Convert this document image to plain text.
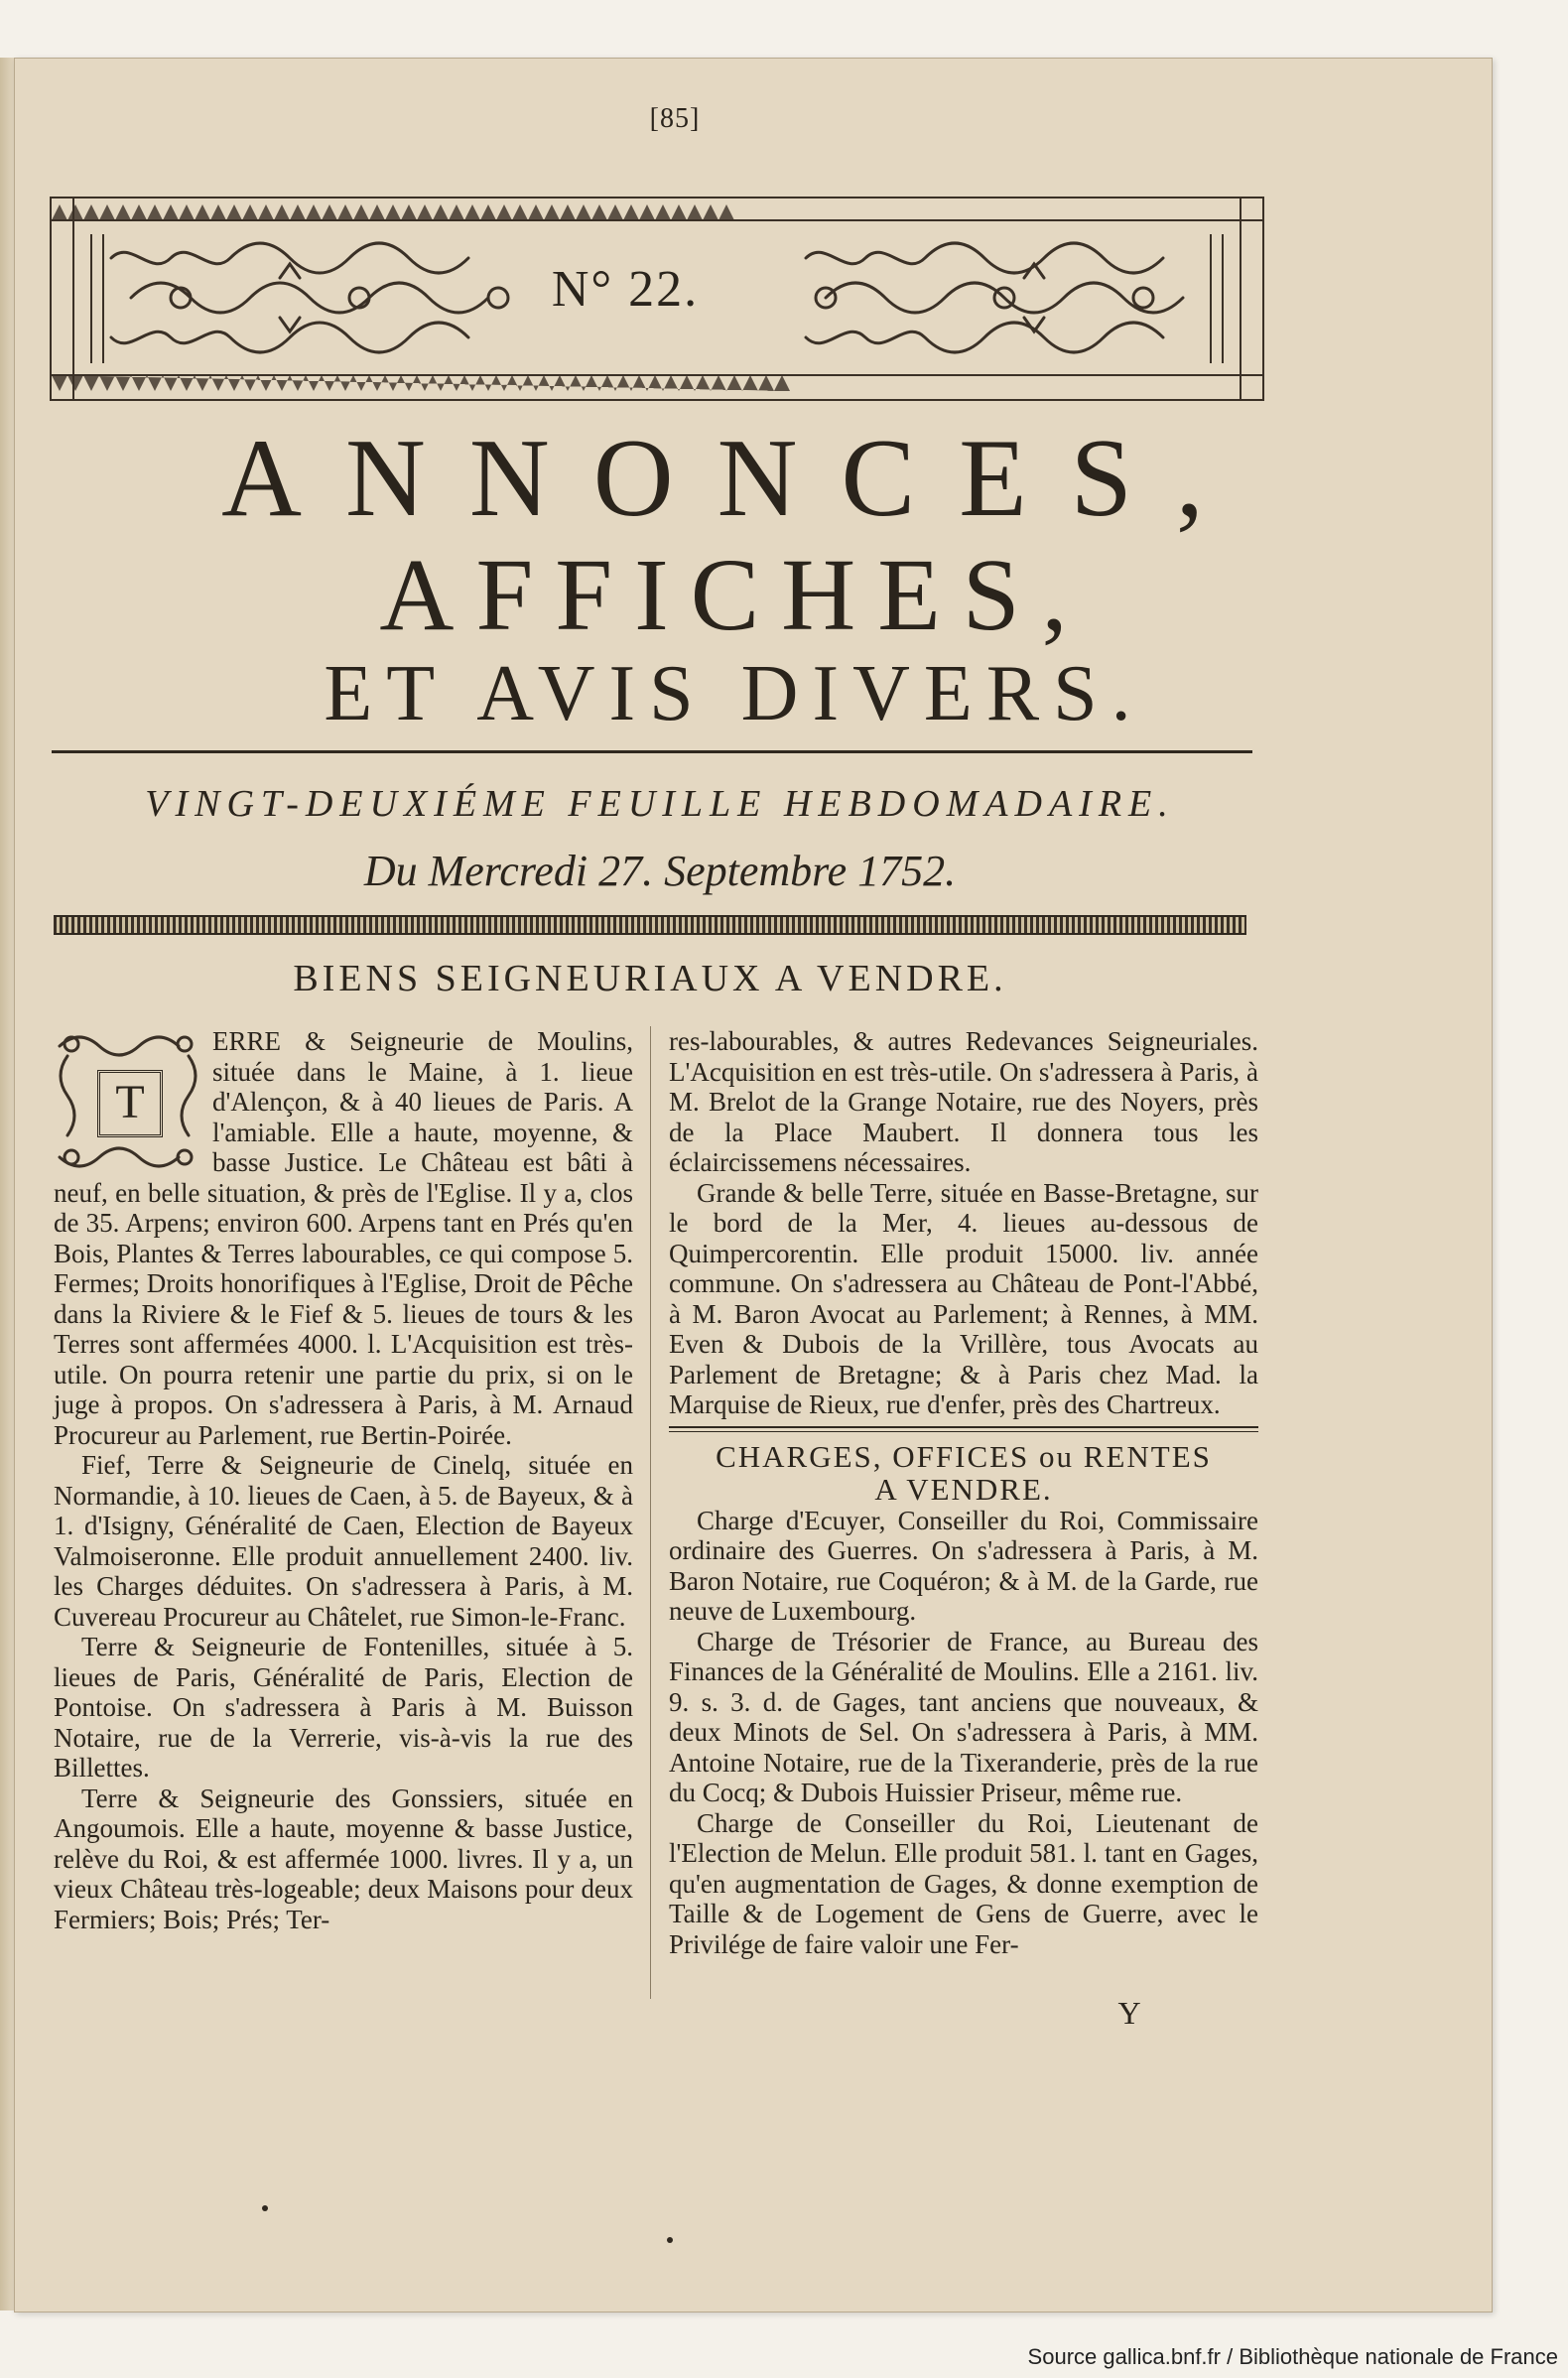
[85]
N° 22.
ANNONCES,
AFFICHES,
ET AVIS DIVERS.
VINGT-DEUXIÉME FEUILLE HEBDOMADAIRE.
Du Mercredi 27. Septembre 1752.
BIENS SEIGNEURIAUX A VENDRE.
T

ERRE & Seigneurie de Moulins, située dans le Maine, à 1. lieue d'Alençon, & à 40 lieues de Paris. A l'amiable. Elle a haute, moyenne, & basse Justice. Le Château est bâti à neuf, en belle situation, & près de l'Eglise. Il y a, clos de 35. Arpens; environ 600. Arpens tant en Prés qu'en Bois, Plantes & Terres labourables, ce qui compose 5. Fermes; Droits honorifiques à l'Eglise, Droit de Pêche dans la Riviere & le Fief & 5. lieues de tours & les Terres sont affermées 4000. l. L'Acquisition est très-utile. On pourra retenir une partie du prix, si on le juge à propos. On s'adressera à Paris, à M. Arnaud Procureur au Parlement, rue Bertin-Poirée.

Fief, Terre & Seigneurie de Cinelq, située en Normandie, à 10. lieues de Caen, à 5. de Bayeux, & à 1. d'Isigny, Généralité de Caen, Election de Bayeux Valmoiseronne. Elle produit annuellement 2400. liv. les Charges déduites. On s'adressera à Paris, à M. Cuvereau Procureur au Châtelet, rue Simon-le-Franc.

Terre & Seigneurie de Fontenilles, située à 5. lieues de Paris, Généralité de Paris, Election de Pontoise. On s'adressera à Paris à M. Buisson Notaire, rue de la Verrerie, vis-à-vis la rue des Billettes.

Terre & Seigneurie des Gonssiers, située en Angoumois. Elle a haute, moyenne & basse Justice, relève du Roi, & est affermée 1000. livres. Il y a, un vieux Château très-logeable; deux Maisons pour deux Fermiers; Bois; Prés; Ter-

res-labourables, & autres Redevances Seigneuriales. L'Acquisition en est très-utile. On s'adressera à Paris, à M. Brelot de la Grange Notaire, rue des Noyers, près de la Place Maubert. Il donnera tous les éclaircissemens nécessaires.

Grande & belle Terre, située en Basse-Bretagne, sur le bord de la Mer, 4. lieues au-dessous de Quimpercorentin. Elle produit 15000. liv. année commune. On s'adressera au Château de Pont-l'Abbé, à M. Baron Avocat au Parlement; à Rennes, à MM. Even & Dubois de la Vrillère, tous Avocats au Parlement de Bretagne; & à Paris chez Mad. la Marquise de Rieux, rue d'enfer, près des Chartreux.

CHARGES, OFFICES ou RENTES

A VENDRE.

Charge d'Ecuyer, Conseiller du Roi, Commissaire ordinaire des Guerres. On s'adressera à Paris, à M. Baron Notaire, rue Coquéron; & à M. de la Garde, rue neuve de Luxembourg.

Charge de Trésorier de France, au Bureau des Finances de la Généralité de Moulins. Elle a 2161. liv. 9. s. 3. d. de Gages, tant anciens que nouveaux, & deux Minots de Sel. On s'adressera à Paris, à MM. Antoine Notaire, rue de la Tixeranderie, près de la rue du Cocq; & Dubois Huissier Priseur, même rue.

Charge de Conseiller du Roi, Lieutenant de l'Election de Melun. Elle produit 581. l. tant en Gages, qu'en augmentation de Gages, & donne exemption de Taille & de Logement de Gens de Guerre, avec le Privilége de faire valoir une Fer-

Y
Source gallica.bnf.fr / Bibliothèque nationale de France
